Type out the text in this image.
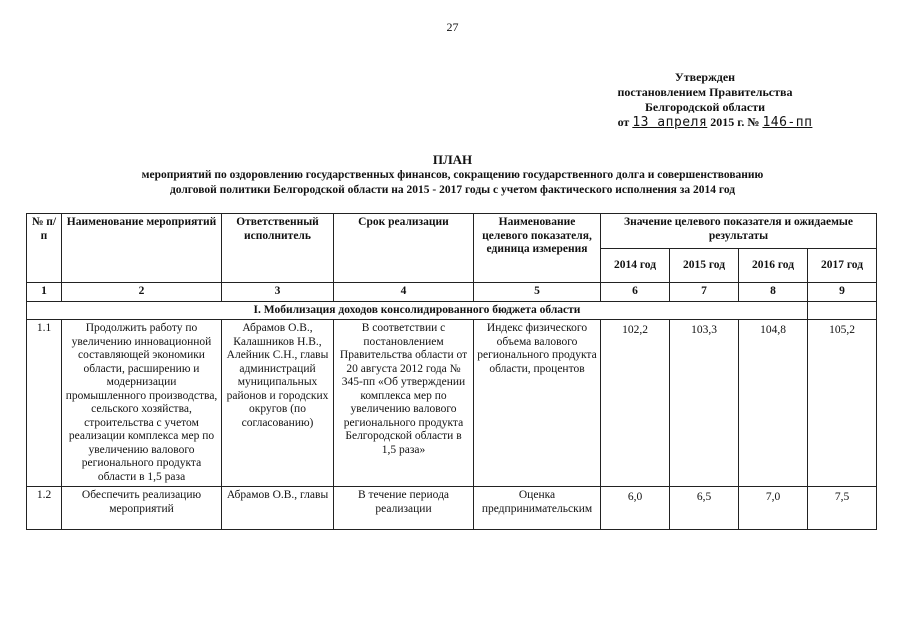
27
Утвержден
постановлением Правительства
Белгородской области
от 13 апреля 2015 г. № 146-пп
ПЛАН
мероприятий по оздоровлению государственных финансов, сокращению государственного долга и совершенствованию
долговой политики Белгородской области на 2015 - 2017 годы с учетом фактического исполнения за 2014 год
№ п/п	Наименование мероприятий	Ответственный исполнитель	Срок реализации	Наименование целевого показателя, единица измерения	Значение целевого показателя и ожидаемые результаты			
					2014 год	2015 год	2016 год	2017 год
1	2	3	4	5	6	7	8	9
I. Мобилизация доходов консолидированного бюджета области								
1.1	Продолжить работу по увеличению инновационной составляющей экономики области, расширению и модернизации промышленного производства, сельского хозяйства, строительства с учетом реализации комплекса мер по увеличению валового регионального продукта области в 1,5 раза	Абрамов О.В., Калашников Н.В., Алейник С.Н., главы администраций муниципальных районов и городских округов (по согласованию)	В соответствии с постановлением Правительства области от 20 августа 2012 года № 345-пп «Об утверждении комплекса мер по увеличению валового регионального продукта Белгородской области в 1,5 раза»	Индекс физического объема валового регионального продукта области, процентов	102,2	103,3	104,8	105,2

1.2	Обеспечить реализацию мероприятий	Абрамов О.В., главы	В течение периода реализации	Оценка предпринимательским	6,0	6,5	7,0	7,5
